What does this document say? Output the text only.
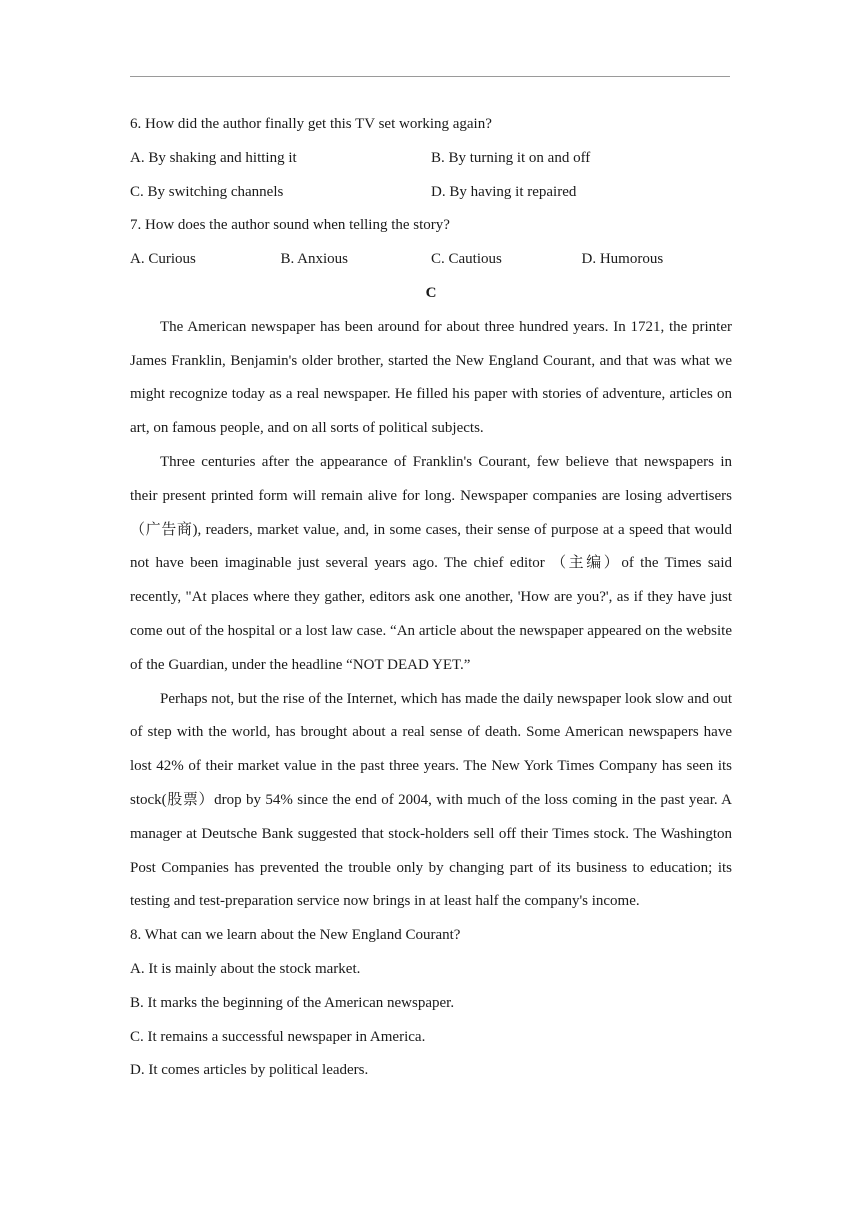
6. How did the author finally get this TV set working again?
A. By shaking and hitting it	B. By turning it on and off
C. By switching channels	D. By having it repaired
7. How does the author sound when telling the story?
A. Curious	B. Anxious	C. Cautious	D. Humorous
C

The American newspaper has been around for about three hundred years. In 1721, the printer James Franklin, Benjamin's older brother, started the New England Courant, and that was what we might recognize today as a real newspaper. He filled his paper with stories of adventure, articles on art, on famous people, and on all sorts of political subjects.

Three centuries after the appearance of Franklin's Courant, few believe that newspapers in their present printed form will remain alive for long. Newspaper companies are losing advertisers（广告商), readers, market value, and, in some cases, their sense of purpose at a speed that would not have been imaginable just several years ago. The chief editor （主编）of the Times said recently, "At places where they gather, editors ask one another, 'How are you?', as if they have just come out of the hospital or a lost law case. “An article about the newspaper appeared on the website of the Guardian, under the headline “NOT DEAD YET.”

Perhaps not, but the rise of the Internet, which has made the daily newspaper look slow and out of step with the world, has brought about a real sense of death. Some American newspapers have lost 42% of their market value in the past three years. The New York Times Company has seen its stock(股票）drop by 54% since the end of 2004, with much of the loss coming in the past year. A manager at Deutsche Bank suggested that stock-holders sell off their Times stock. The Washington Post Companies has prevented the trouble only by changing part of its business to education; its testing and test-preparation service now brings in at least half the company's income.

8. What can we learn about the New England Courant?
A. It is mainly about the stock market.
B. It marks the beginning of the American newspaper.
C. It remains a successful newspaper in America.
D. It comes articles by political leaders.
